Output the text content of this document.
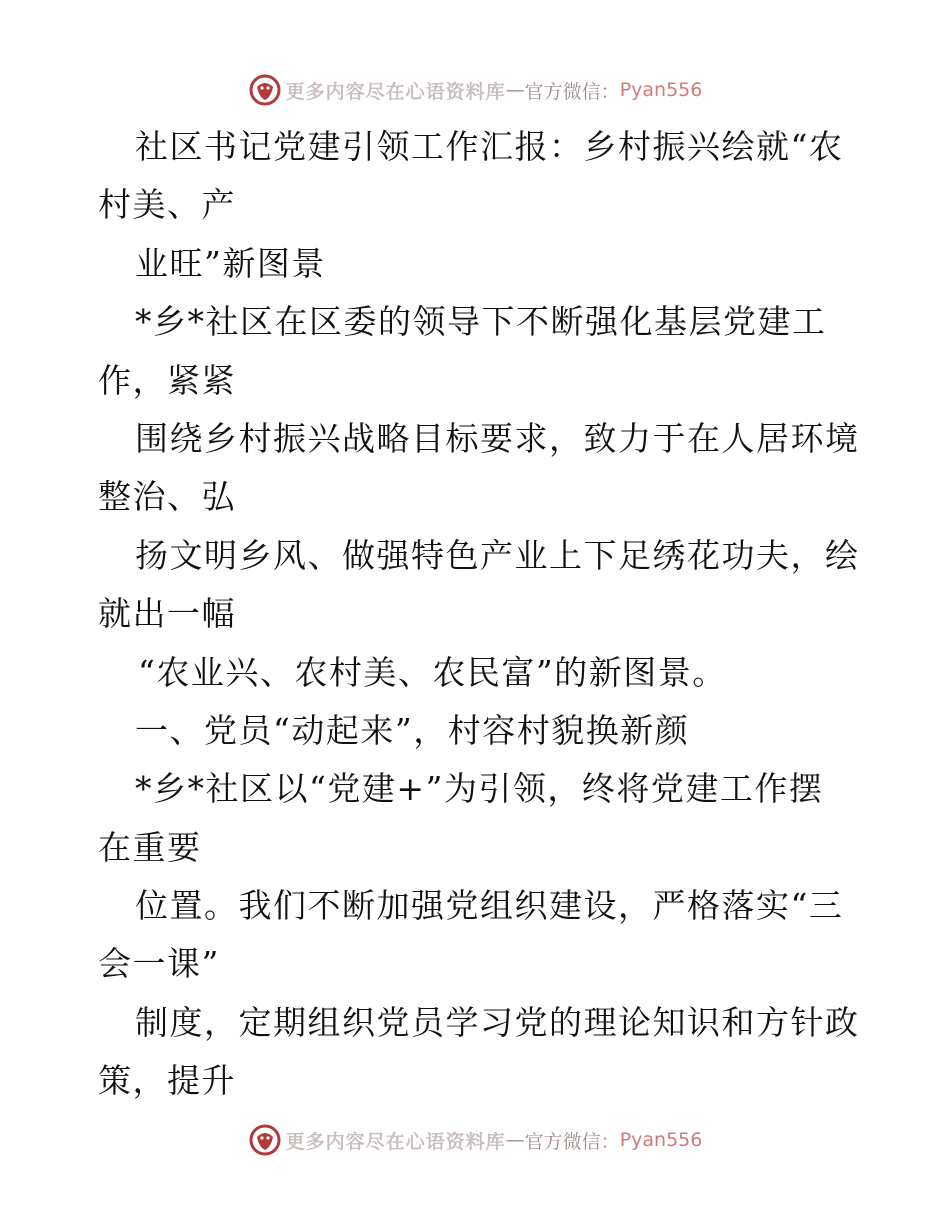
更多内容尽在心语资料库 — 官方微信： Pyan556
社区书记党建引领工作汇报：乡村振兴绘就“农
村美、产
业旺”新图景
*乡*社区在区委的领导下不断强化基层党建工
作，紧紧
围绕乡村振兴战略目标要求，致力于在人居环境
整治、弘
扬文明乡风、做强特色产业上下足绣花功夫，绘
就出一幅
“农业兴、农村美、农民富”的新图景。
一、党员“动起来”，村容村貌换新颜
*乡*社区以“党建+”为引领，终将党建工作摆
在重要
位置。我们不断加强党组织建设，严格落实“三
会一课”
制度，定期组织党员学习党的理论知识和方针政
策，提升
更多内容尽在心语资料库 — 官方微信： Pyan556
